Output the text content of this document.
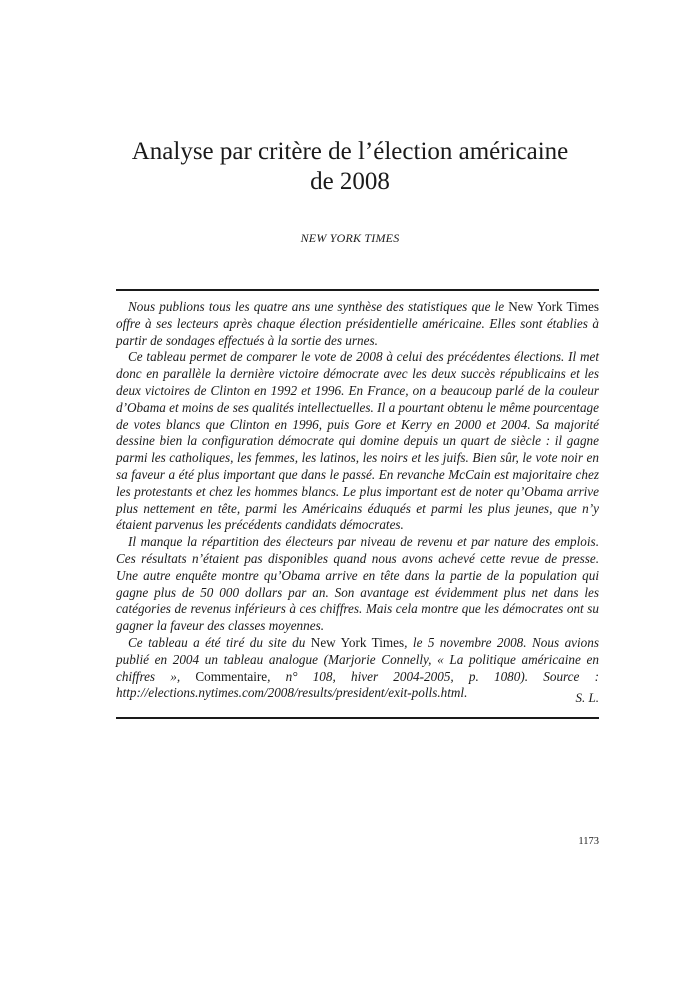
Analyse par critère de l’élection américaine
de 2008
NEW YORK TIMES

Nous publions tous les quatre ans une synthèse des statistiques que le New York Times offre à ses lecteurs après chaque élection présidentielle américaine. Elles sont établies à partir de sondages effectués à la sortie des urnes.

Ce tableau permet de comparer le vote de 2008 à celui des précédentes élections. Il met donc en parallèle la dernière victoire démocrate avec les deux succès républicains et les deux victoires de Clinton en 1992 et 1996. En France, on a beaucoup parlé de la couleur d’Obama et moins de ses qualités intellectuelles. Il a pourtant obtenu le même pourcentage de votes blancs que Clinton en 1996, puis Gore et Kerry en 2000 et 2004. Sa majorité dessine bien la configuration démocrate qui domine depuis un quart de siècle : il gagne parmi les catholiques, les femmes, les latinos, les noirs et les juifs. Bien sûr, le vote noir en sa faveur a été plus important que dans le passé. En revanche McCain est majoritaire chez les protestants et chez les hommes blancs. Le plus important est de noter qu’Obama arrive plus nettement en tête, parmi les Américains éduqués et parmi les plus jeunes, que n’y étaient parvenus les précédents candidats démocrates.

Il manque la répartition des électeurs par niveau de revenu et par nature des emplois. Ces résultats n’étaient pas disponibles quand nous avons achevé cette revue de presse. Une autre enquête montre qu’Obama arrive en tête dans la partie de la population qui gagne plus de 50 000 dollars par an. Son avantage est évidemment plus net dans les catégories de revenus inférieurs à ces chiffres. Mais cela montre que les démocrates ont su gagner la faveur des classes moyennes.

Ce tableau a été tiré du site du New York Times, le 5 novembre 2008. Nous avions publié en 2004 un tableau analogue (Marjorie Connelly, « La politique américaine en chiffres », Commentaire, n° 108, hiver 2004-2005, p. 1080). Source : http://elections.nytimes.com/2008/results/president/exit-polls.html.	S. L.
1173
